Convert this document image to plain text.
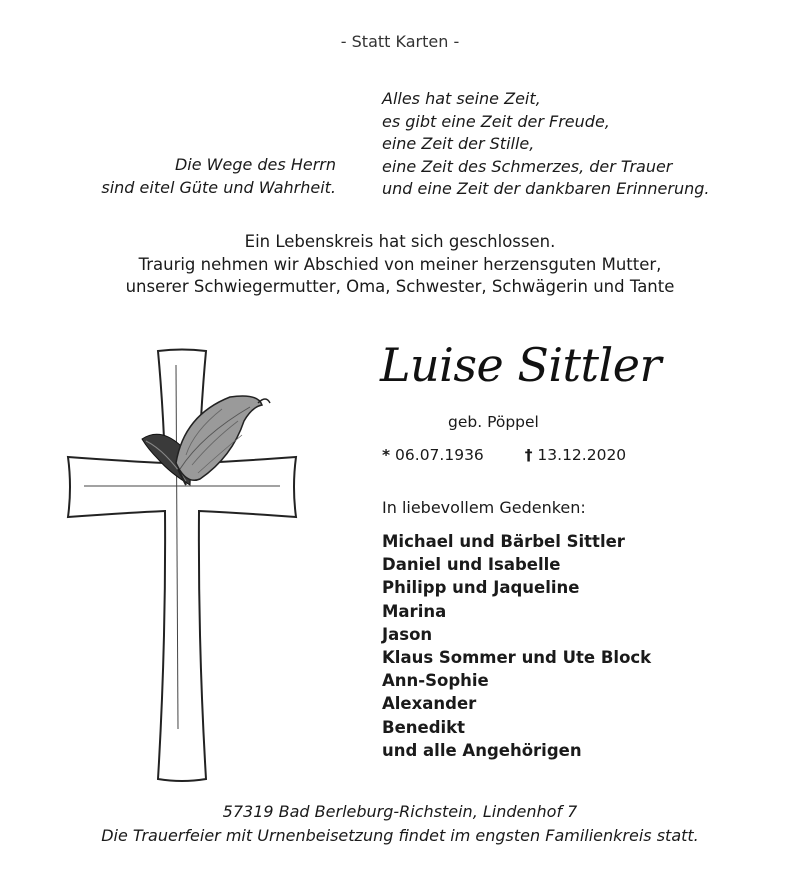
- Statt Karten -
Die Wege des Herrn
sind eitel Güte und Wahrheit.
Alles hat seine Zeit,
es gibt eine Zeit der Freude,
eine Zeit der Stille,
eine Zeit des Schmerzes, der Trauer
und eine Zeit der dankbaren Erinnerung.
Ein Lebenskreis hat sich geschlossen.
Traurig nehmen wir Abschied von meiner herzensguten Mutter,
unserer Schwiegermutter, Oma, Schwester, Schwägerin und Tante
Luise Sittler
geb. Pöppel
* 06.07.1936	† 13.12.2020
In liebevollem Gedenken:
Michael und Bärbel Sittler
Daniel und Isabelle
Philipp und Jaqueline
Marina
Jason
Klaus Sommer und Ute Block
Ann-Sophie
Alexander
Benedikt
und alle Angehörigen
57319 Bad Berleburg-Richstein, Lindenhof 7
Die Trauerfeier mit Urnenbeisetzung findet im engsten Familienkreis statt.
